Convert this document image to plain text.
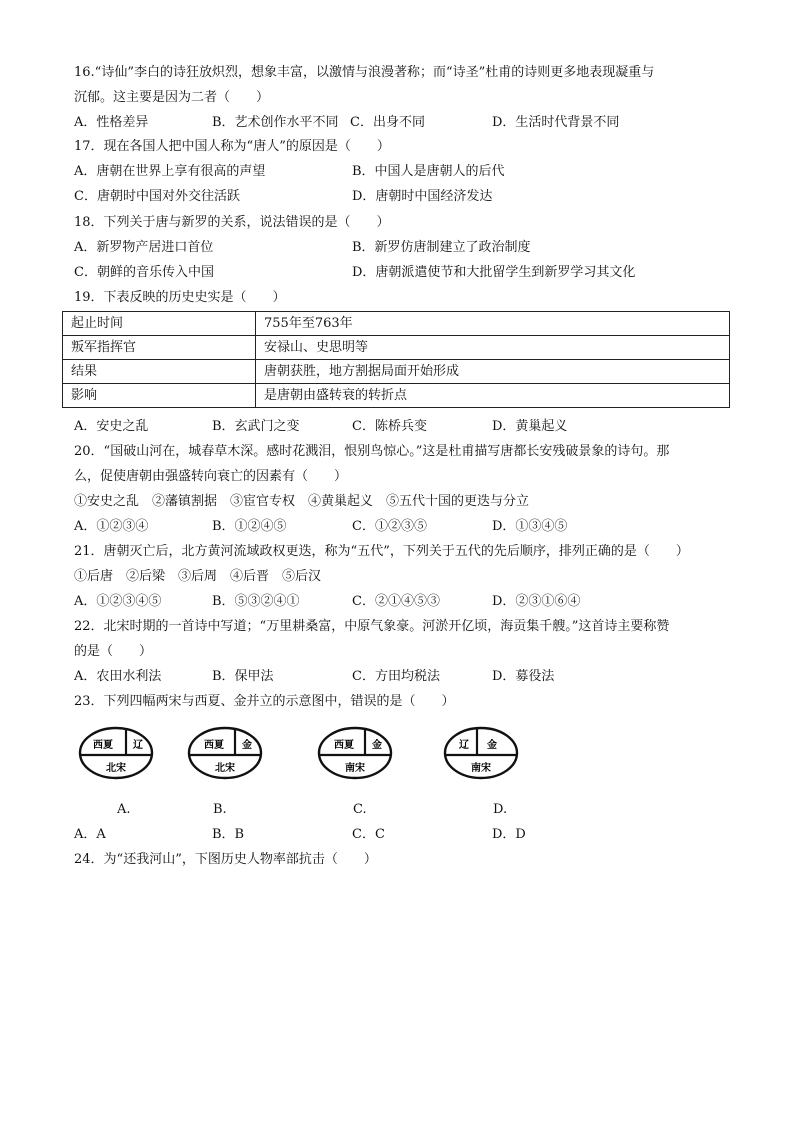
16.“诗仙”李白的诗狂放炽烈，想象丰富，以激情与浪漫著称；而“诗圣”杜甫的诗则更多地表现凝重与
沉郁。这主要是因为二者（　　）
A．性格差异	B．艺术创作水平不同 C．出身不同	D．生活时代背景不同
17．现在各国人把中国人称为“唐人”的原因是（　　）
A．唐朝在世界上享有很高的声望	B．中国人是唐朝人的后代
C．唐朝时中国对外交往活跃	D．唐朝时中国经济发达
18．下列关于唐与新罗的关系，说法错误的是（　　）
A．新罗物产居进口首位	B．新罗仿唐制建立了政治制度
C．朝鲜的音乐传入中国	D．唐朝派遣使节和大批留学生到新罗学习其文化
19．下表反映的历史史实是（　　）
起止时间	755年至763年
叛军指挥官	安禄山、史思明等
结果	唐朝获胜，地方割据局面开始形成
影响	是唐朝由盛转衰的转折点
A．安史之乱	B．玄武门之变	C．陈桥兵变	D．黄巢起义
20．“国破山河在，城春草木深。感时花溅泪，恨别鸟惊心。”这是杜甫描写唐都长安残破景象的诗句。那
么，促使唐朝由强盛转向衰亡的因素有（　　）
①安史之乱　②藩镇割据　③宦官专权　④黄巢起义　⑤五代十国的更迭与分立
A．①②③④	B．①②④⑤	C．①②③⑤	D．①③④⑤
21．唐朝灭亡后，北方黄河流域政权更迭，称为“五代”，下列关于五代的先后顺序，排列正确的是（　　）
①后唐　②后梁　③后周　④后晋　⑤后汉
A．①②③④⑤	B．⑤③②④①	C．②①④⑤③	D．②③①⑥④
22．北宋时期的一首诗中写道；“万里耕桑富，中原气象豪。河淤开亿顷，海贡集千艘。”这首诗主要称赞
的是（　　）
A．农田水利法	B．保甲法	C．方田均税法	D．募役法
23．下列四幅两宋与西夏、金并立的示意图中，错误的是（　　）
西夏 辽
北宋
西夏 金
北宋
西夏 金
南宋
辽 金
南宋
A.	B.	C.	D.
A．A	B．B	C．C	D．D
24．为“还我河山”，下图历史人物率部抗击（　　）
